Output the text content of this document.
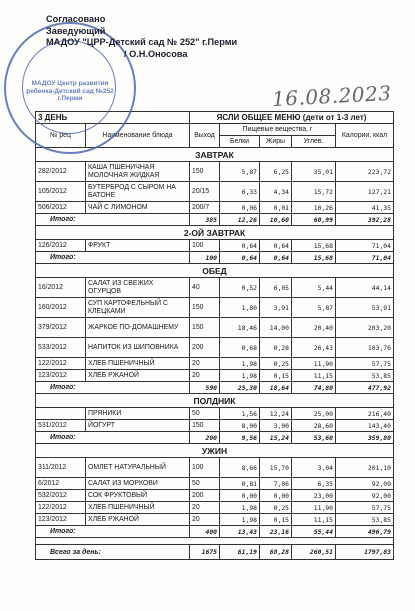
МАДОУ Центр развития ребенка-Детский сад №252 г.Перми
Согласовано
Заведующий
МАДОУ "ЦРР-Детский сад № 252" г.Перми
/ О.Н.Оносова
16.08.2023
3 ДЕНЬ		ЯСЛИ ОБЩЕЕ МЕНЮ (дети от 1-3 лет)				
№ рец	Наименование блюда	Выход	Пищевые вещества, г			Калории, ккал
			Белки	Жиры	Углев.	
ЗАВТРАК						
282/2012	КАША ПШЕНИЧНАЯ МОЛОЧНАЯ ЖИДКАЯ	150	5,87	6,25	35,01	223,72
105/2012	БУТЕРБРОД С СЫРОМ НА БАТОНЕ	20/15	6,33	4,34	15,72	127,21
506/2012	ЧАЙ С ЛИМОНОМ	200/7	0,06	0,01	10,26	41,35
Итого:		385	12,26	10,60	60,99	392,28
2-ОЙ ЗАВТРАК						
126/2012	ФРУКТ	100	0,64	0,64	15,68	71,04
Итого:		100	0,64	0,64	15,68	71,04
ОБЕД						
16/2012	САЛАТ ИЗ СВЕЖИХ ОГУРЦОВ	40	0,52	6,05	5,44	44,14
160/2012	СУП КАРТОФЕЛЬНЫЙ С КЛЕЦКАМИ	150	1,80	3,91	5,87	53,91
379/2012	ЖАРКОЕ ПО-ДОМАШНЕМУ	150	18,46	14,00	20,40	203,20
533/2012	НАПИТОК ИЗ ШИПОВНИКА	200	0,68	0,28	26,43	103,76
122/2012	ХЛЕБ ПШЕНИЧНЫЙ	20	1,98	0,25	11,90	57,75
123/2012	ХЛЕБ РЖАНОЙ	20	1,98	0,15	11,15	53,85
Итого:		590	25,30	18,64	74,80	477,92
ПОЛДНИК						
	ПРЯНИКИ	50	1,56	12,24	25,00	216,40
531/2012	ЙОГУРТ	150	8,00	3,00	28,60	143,40
Итого:		200	9,56	15,24	53,60	359,80
УЖИН						
311/2012	ОМЛЕТ НАТУРАЛЬНЫЙ	100	8,66	15,70	3,04	201,10
6/2012	САЛАТ ИЗ МОРКОВИ	50	0,81	7,06	6,35	92,09
532/2012	СОК ФРУКТОВЫЙ	200	0,00	0,00	23,00	92,00
122/2012	ХЛЕБ ПШЕНИЧНЫЙ	20	1,98	0,25	11,90	57,75
123/2012	ХЛЕБ РЖАНОЙ	20	1,98	0,15	11,15	53,85
Итого:		400	13,43	23,16	55,44	496,79

Всего за день:		1675	61,19	68,28	260,51	1797,83
